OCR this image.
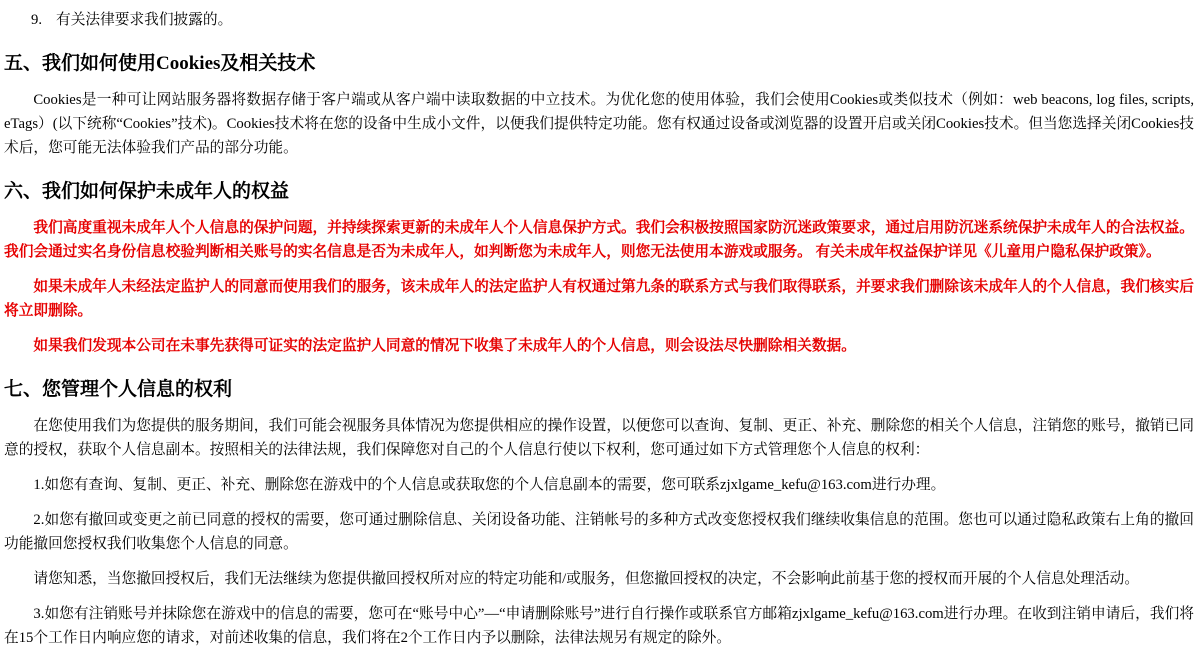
9. 有关法律要求我们披露的。

五、我们如何使用Cookies及相关技术

Cookies是一种可让网站服务器将数据存储于客户端或从客户端中读取数据的中立技术。为优化您的使用体验，我们会使用Cookies或类似技术（例如：web beacons, log files, scripts, eTags）(以下统称“Cookies”技术)。Cookies技术将在您的设备中生成小文件，以便我们提供特定功能。您有权通过设备或浏览器的设置开启或关闭Cookies技术。但当您选择关闭Cookies技术后，您可能无法体验我们产品的部分功能。

六、我们如何保护未成年人的权益

我们高度重视未成年人个人信息的保护问题，并持续探索更新的未成年人个人信息保护方式。我们会积极按照国家防沉迷政策要求，通过启用防沉迷系统保护未成年人的合法权益。我们会通过实名身份信息校验判断相关账号的实名信息是否为未成年人，如判断您为未成年人，则您无法使用本游戏或服务。 有关未成年权益保护详见《儿童用户隐私保护政策》。

如果未成年人未经法定监护人的同意而使用我们的服务，该未成年人的法定监护人有权通过第九条的联系方式与我们取得联系，并要求我们删除该未成年人的个人信息，我们核实后将立即删除。

如果我们发现本公司在未事先获得可证实的法定监护人同意的情况下收集了未成年人的个人信息，则会设法尽快删除相关数据。

七、您管理个人信息的权利

在您使用我们为您提供的服务期间，我们可能会视服务具体情况为您提供相应的操作设置，以便您可以查询、复制、更正、补充、删除您的相关个人信息，注销您的账号，撤销已同意的授权，获取个人信息副本。按照相关的法律法规，我们保障您对自己的个人信息行使以下权利，您可通过如下方式管理您个人信息的权利：

1.如您有查询、复制、更正、补充、删除您在游戏中的个人信息或获取您的个人信息副本的需要，您可联系zjxlgame_kefu@163.com进行办理。

2.如您有撤回或变更之前已同意的授权的需要，您可通过删除信息、关闭设备功能、注销帐号的多种方式改变您授权我们继续收集信息的范围。您也可以通过隐私政策右上角的撤回功能撤回您授权我们收集您个人信息的同意。

请您知悉，当您撤回授权后，我们无法继续为您提供撤回授权所对应的特定功能和/或服务，但您撤回授权的决定，不会影响此前基于您的授权而开展的个人信息处理活动。

3.如您有注销账号并抹除您在游戏中的信息的需要，您可在“账号中心”—“申请删除账号”进行自行操作或联系官方邮箱zjxlgame_kefu@163.com进行办理。在收到注销申请后，我们将在15个工作日内响应您的请求，对前述收集的信息，我们将在2个工作日内予以删除，法律法规另有规定的除外。
